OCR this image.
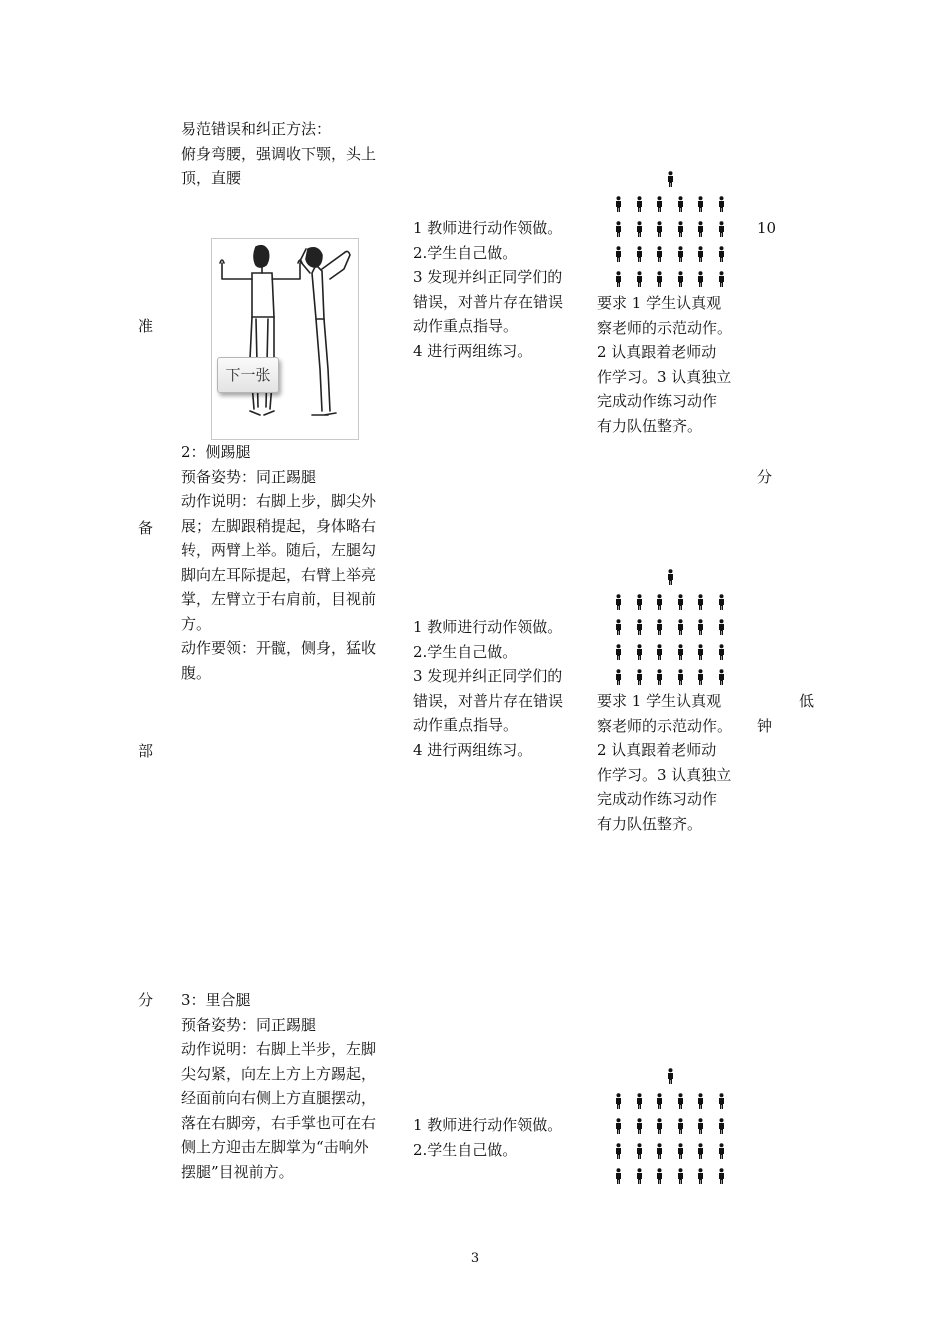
准
备
部
分
易范错误和纠正方法：
俯身弯腰，强调收下颚，头上
顶，直腰
下一张
1 教师进行动作领做。
2.学生自己做。
3 发现并纠正同学们的
错误，对普片存在错误
动作重点指导。
4 进行两组练习。
要求 1 学生认真观
察老师的示范动作。
2 认真跟着老师动
作学习。3 认真独立
完成动作练习动作
有力队伍整齐。
10
分
2：侧踢腿
预备姿势：同正踢腿
动作说明：右脚上步，脚尖外
展；左脚跟稍提起，身体略右
转，两臂上举。随后，左腿勾
脚向左耳际提起，右臂上举亮
掌，左臂立于右肩前，目视前
方。
动作要领：开髋，侧身，猛收
腹。
1 教师进行动作领做。
2.学生自己做。
3 发现并纠正同学们的
错误，对普片存在错误
动作重点指导。
4 进行两组练习。
要求 1 学生认真观
察老师的示范动作。
2 认真跟着老师动
作学习。3 认真独立
完成动作练习动作
有力队伍整齐。
钟
低
3：里合腿
预备姿势：同正踢腿
动作说明：右脚上半步，左脚
尖勾紧，向左上方上方踢起，
经面前向右侧上方直腿摆动，
落在右脚旁，右手掌也可在右
侧上方迎击左脚掌为“击响外
摆腿”目视前方。
1 教师进行动作领做。
2.学生自己做。
3
